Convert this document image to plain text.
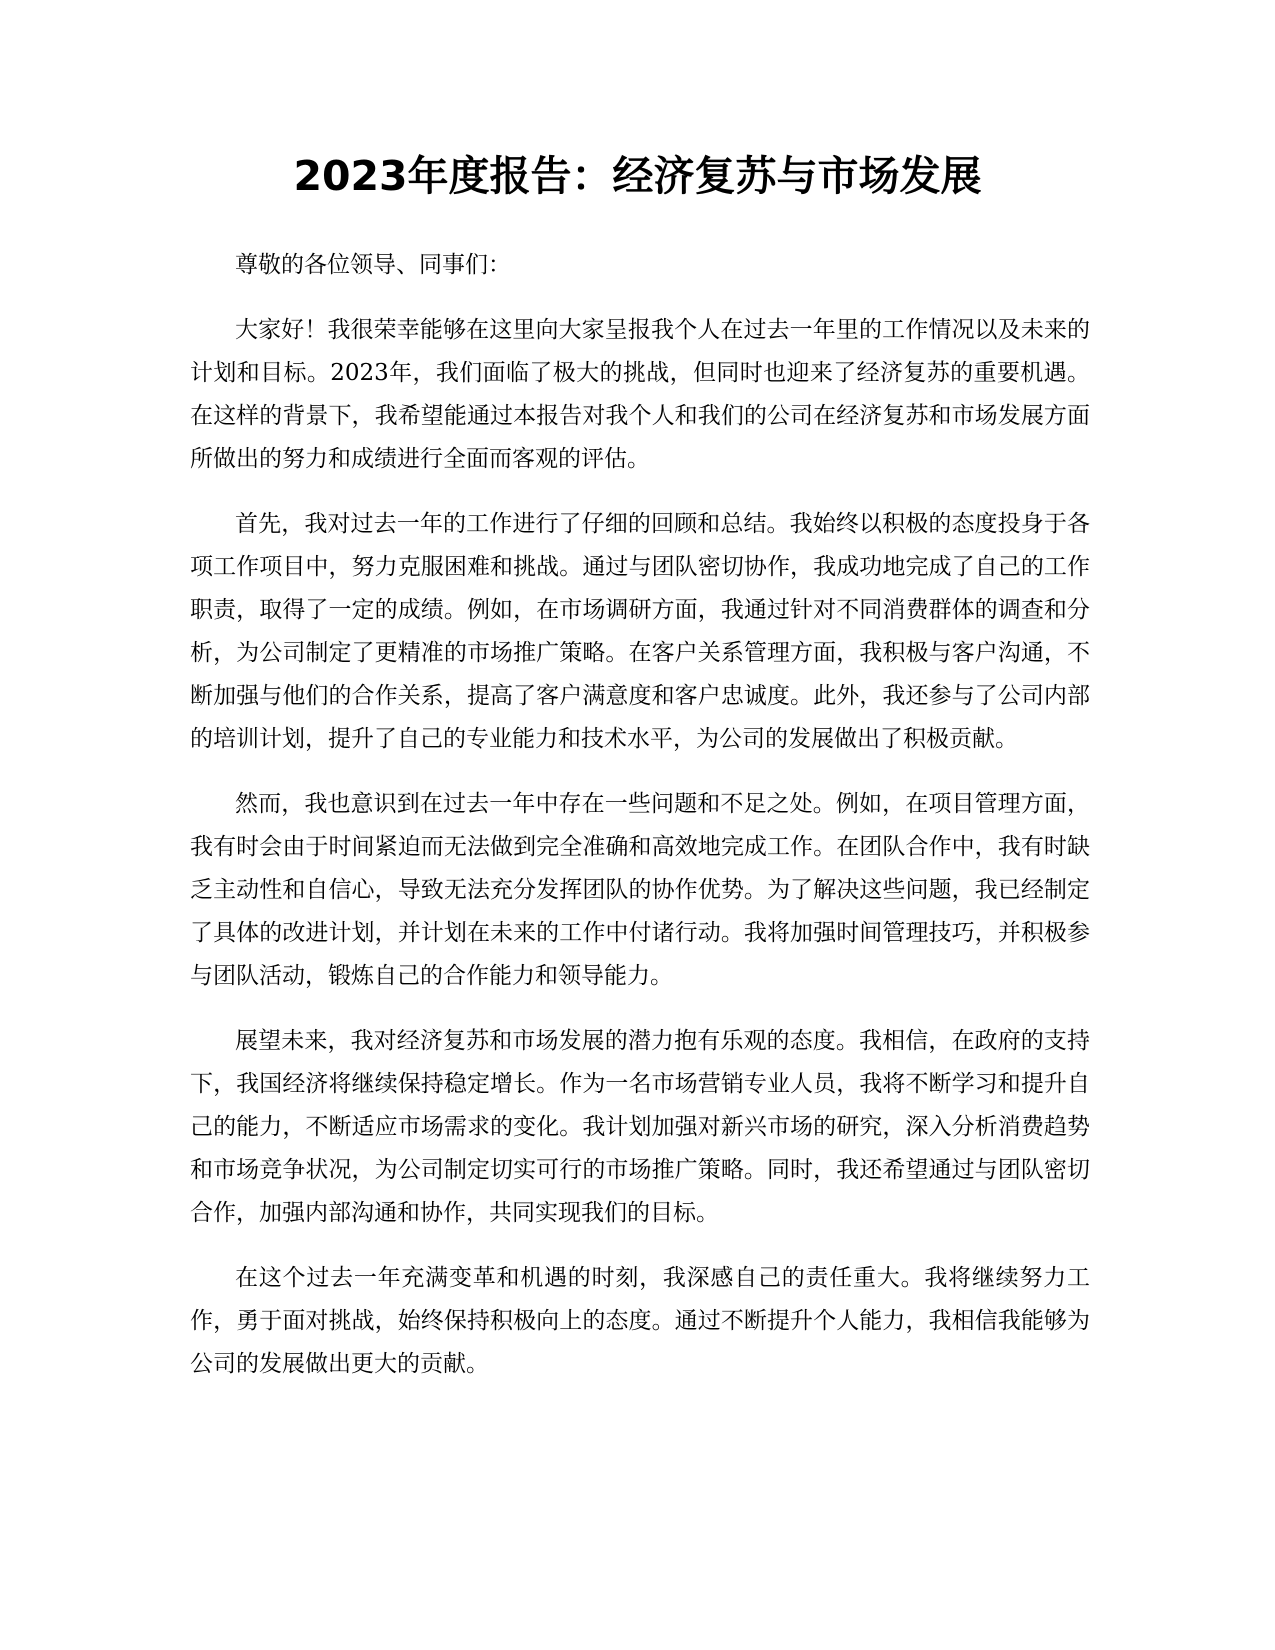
2023年度报告：经济复苏与市场发展

尊敬的各位领导、同事们：

大家好！我很荣幸能够在这里向大家呈报我个人在过去一年里的工作情况以及未来的计划和目标。2023年，我们面临了极大的挑战，但同时也迎来了经济复苏的重要机遇。在这样的背景下，我希望能通过本报告对我个人和我们的公司在经济复苏和市场发展方面所做出的努力和成绩进行全面而客观的评估。

首先，我对过去一年的工作进行了仔细的回顾和总结。我始终以积极的态度投身于各项工作项目中，努力克服困难和挑战。通过与团队密切协作，我成功地完成了自己的工作职责，取得了一定的成绩。例如，在市场调研方面，我通过针对不同消费群体的调查和分析，为公司制定了更精准的市场推广策略。在客户关系管理方面，我积极与客户沟通，不断加强与他们的合作关系，提高了客户满意度和客户忠诚度。此外，我还参与了公司内部的培训计划，提升了自己的专业能力和技术水平，为公司的发展做出了积极贡献。

然而，我也意识到在过去一年中存在一些问题和不足之处。例如，在项目管理方面，我有时会由于时间紧迫而无法做到完全准确和高效地完成工作。在团队合作中，我有时缺乏主动性和自信心，导致无法充分发挥团队的协作优势。为了解决这些问题，我已经制定了具体的改进计划，并计划在未来的工作中付诸行动。我将加强时间管理技巧，并积极参与团队活动，锻炼自己的合作能力和领导能力。

展望未来，我对经济复苏和市场发展的潜力抱有乐观的态度。我相信，在政府的支持下，我国经济将继续保持稳定增长。作为一名市场营销专业人员，我将不断学习和提升自己的能力，不断适应市场需求的变化。我计划加强对新兴市场的研究，深入分析消费趋势和市场竞争状况，为公司制定切实可行的市场推广策略。同时，我还希望通过与团队密切合作，加强内部沟通和协作，共同实现我们的目标。

在这个过去一年充满变革和机遇的时刻，我深感自己的责任重大。我将继续努力工作，勇于面对挑战，始终保持积极向上的态度。通过不断提升个人能力，我相信我能够为公司的发展做出更大的贡献。
